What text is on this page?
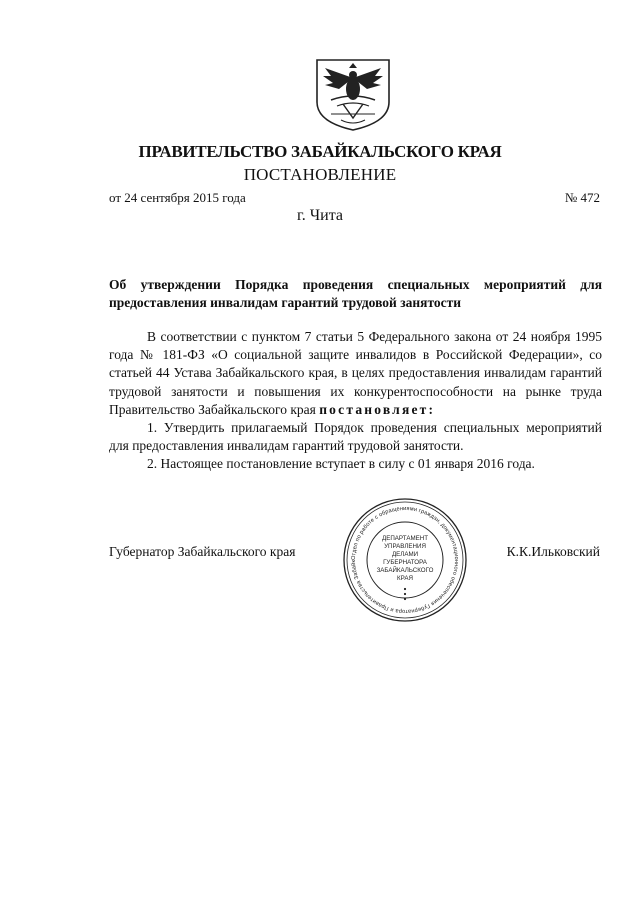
ПРАВИТЕЛЬСТВО ЗАБАЙКАЛЬСКОГО КРАЯ
ПОСТАНОВЛЕНИЕ
от 24 сентября 2015 года	№ 472
г. Чита
Об утверждении Порядка проведения специальных мероприятий для предоставления инвалидам гарантий трудовой занятости

В соответствии с пунктом 7 статьи 5 Федерального закона от 24 ноября 1995 года № 181-ФЗ «О социальной защите инвалидов в Российской Федерации», со статьей 44 Устава Забайкальского края, в целях предоставления инвалидам гарантий трудовой занятости и повышения их конкурентоспособности на рынке труда Правительство Забайкальского края постановляет:

1. Утвердить прилагаемый Порядок проведения специальных мероприятий для предоставления инвалидам гарантий трудовой занятости.

2. Настоящее постановление вступает в силу с 01 января 2016 года.

Губернатор Забайкальского края	К.К.Ильковский
Отдел по работе с обращениями граждан, документационного обеспечения Губернатора и Правительства Забайк
ДЕПАРТАМЕНТ
УПРАВЛЕНИЯ
ДЕЛАМИ
ГУБЕРНАТОРА
ЗАБАЙКАЛЬСКОГО
КРАЯ
